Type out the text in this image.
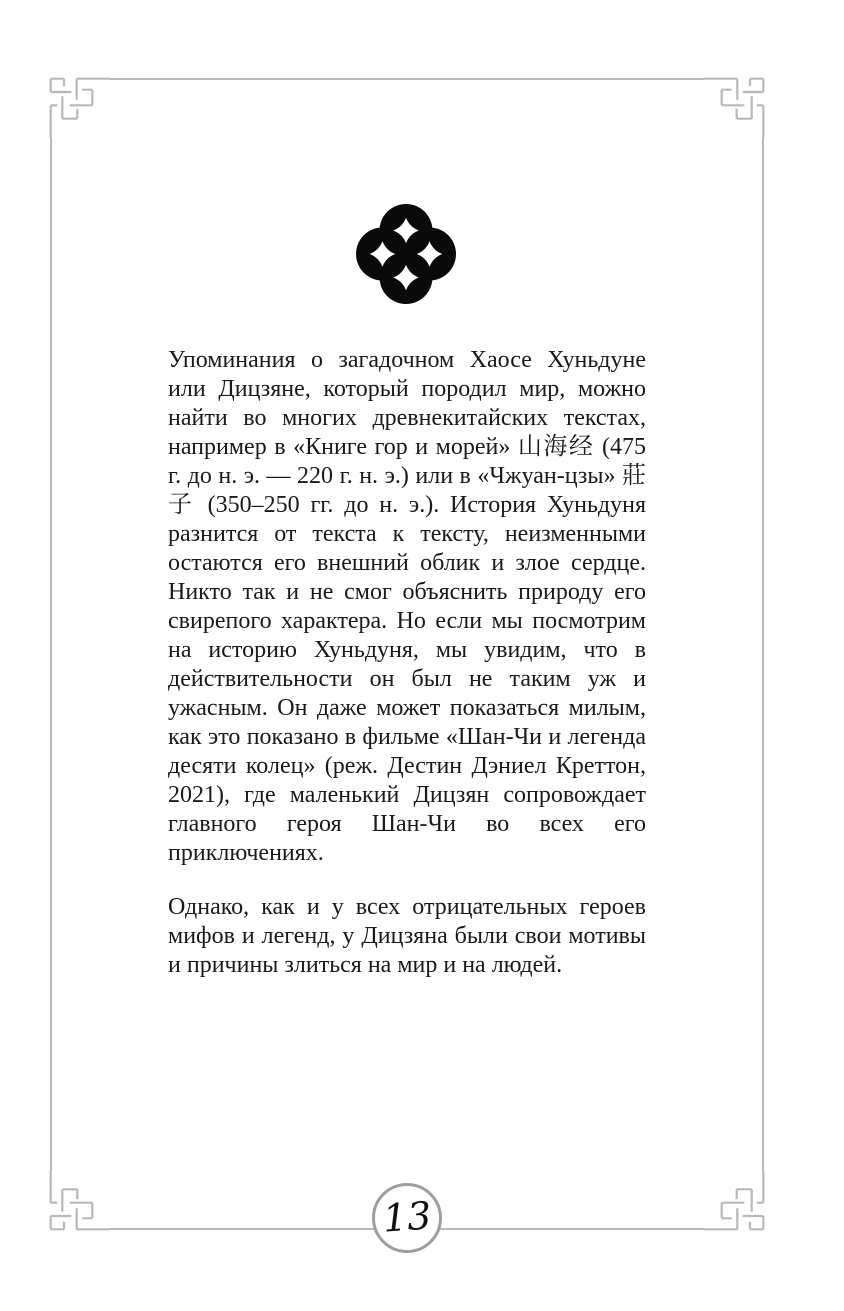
Упоминания о загадочном Хаосе Хуньдуне или Дицзяне, который породил мир, можно найти во многих древнекитайских текстах, например в «Книге гор и морей» 山海经 (475 г. до н. э. — 220 г. н. э.) или в «Чжуан-цзы» 莊子 (350–250 гг. до н. э.). История Хуньдуня разнится от текста к тексту, неизменными остаются его внешний облик и злое сердце. Никто так и не смог объяснить природу его свирепого характера. Но если мы посмотрим на историю Хуньдуня, мы увидим, что в действительности он был не таким уж и ужасным. Он даже может показаться милым, как это показано в фильме «Шан-Чи и легенда десяти колец» (реж. Дестин Дэниел Креттон, 2021), где маленький Дицзян сопровождает главного героя Шан-Чи во всех его приключениях.

Однако, как и у всех отрицательных героев мифов и легенд, у Дицзяна были свои мотивы и причины злиться на мир и на людей.

13
